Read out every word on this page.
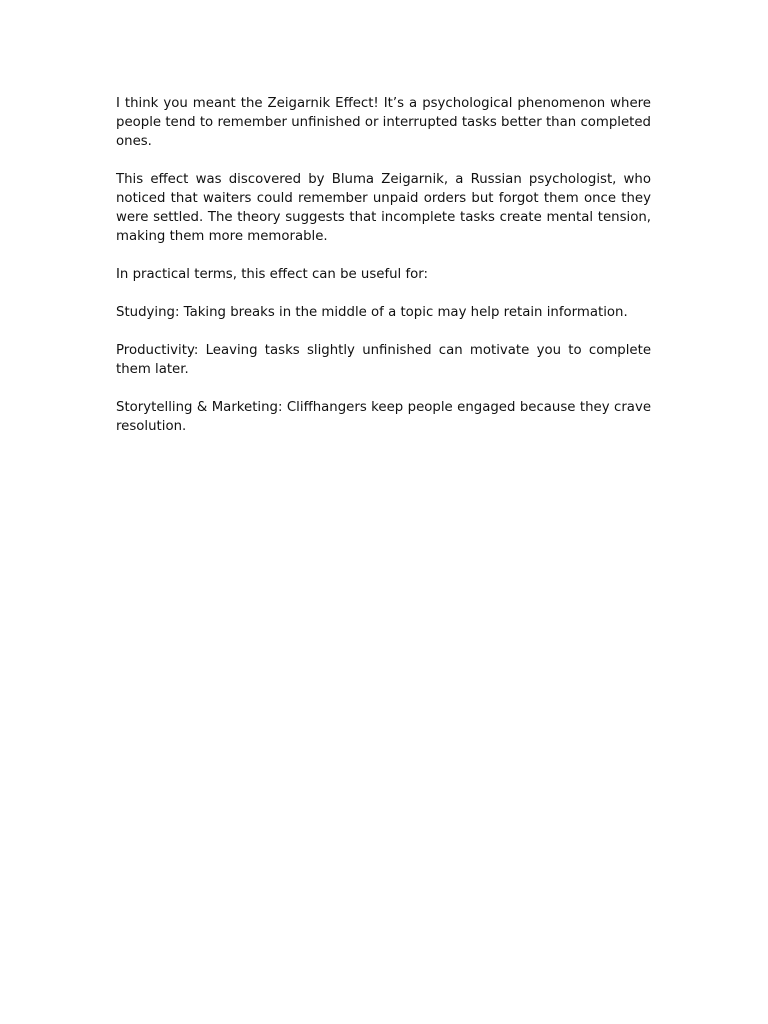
I think you meant the Zeigarnik Effect! It’s a psychological phenomenon where people tend to remember unfinished or interrupted tasks better than completed ones.

This effect was discovered by Bluma Zeigarnik, a Russian psychologist, who noticed that waiters could remember unpaid orders but forgot them once they were settled. The theory suggests that incomplete tasks create mental tension, making them more memorable.

In practical terms, this effect can be useful for:

Studying: Taking breaks in the middle of a topic may help retain information.

Productivity: Leaving tasks slightly unfinished can motivate you to complete them later.

Storytelling & Marketing: Cliffhangers keep people engaged because they crave resolution.
